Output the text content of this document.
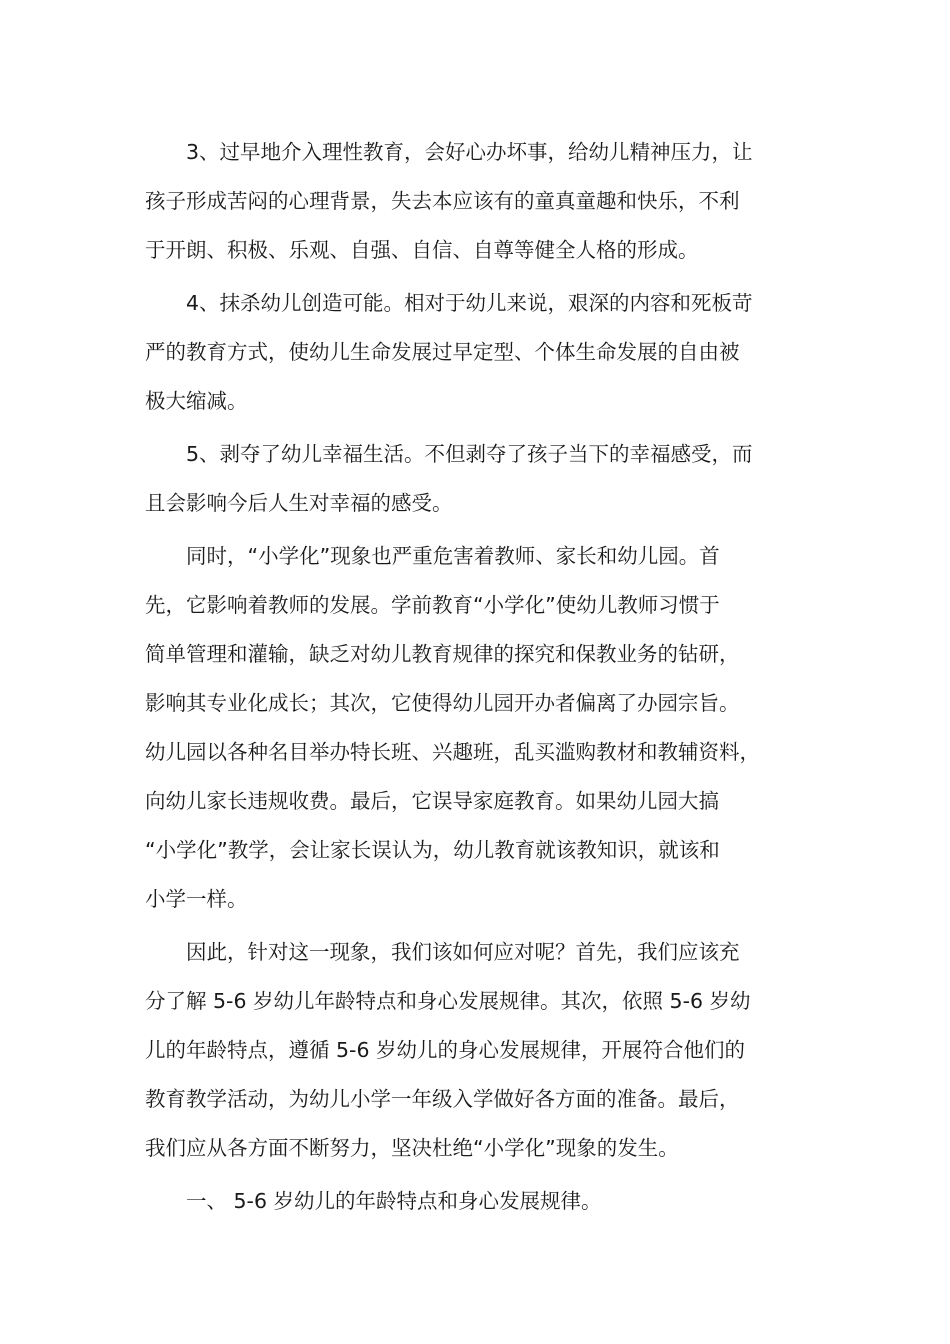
3、过早地介入理性教育，会好心办坏事，给幼儿精神压力，让
孩子形成苦闷的心理背景，失去本应该有的童真童趣和快乐，不利
于开朗、积极、乐观、自强、自信、自尊等健全人格的形成。

4、抹杀幼儿创造可能。相对于幼儿来说，艰深的内容和死板苛
严的教育方式，使幼儿生命发展过早定型、个体生命发展的自由被
极大缩减。

5、剥夺了幼儿幸福生活。不但剥夺了孩子当下的幸福感受，而
且会影响今后人生对幸福的感受。

同时，“小学化”现象也严重危害着教师、家长和幼儿园。首
先，它影响着教师的发展。学前教育“小学化”使幼儿教师习惯于
简单管理和灌输，缺乏对幼儿教育规律的探究和保教业务的钻研，
影响其专业化成长；其次，它使得幼儿园开办者偏离了办园宗旨。
幼儿园以各种名目举办特长班、兴趣班，乱买滥购教材和教辅资料，
向幼儿家长违规收费。最后，它误导家庭教育。如果幼儿园大搞
“小学化”教学，会让家长误认为，幼儿教育就该教知识，就该和
小学一样。

因此，针对这一现象，我们该如何应对呢？首先，我们应该充
分了解 5-6 岁幼儿年龄特点和身心发展规律。其次，依照 5-6 岁幼
儿的年龄特点，遵循 5-6 岁幼儿的身心发展规律，开展符合他们的
教育教学活动，为幼儿小学一年级入学做好各方面的准备。最后，
我们应从各方面不断努力，坚决杜绝“小学化”现象的发生。

一、 5-6 岁幼儿的年龄特点和身心发展规律。
